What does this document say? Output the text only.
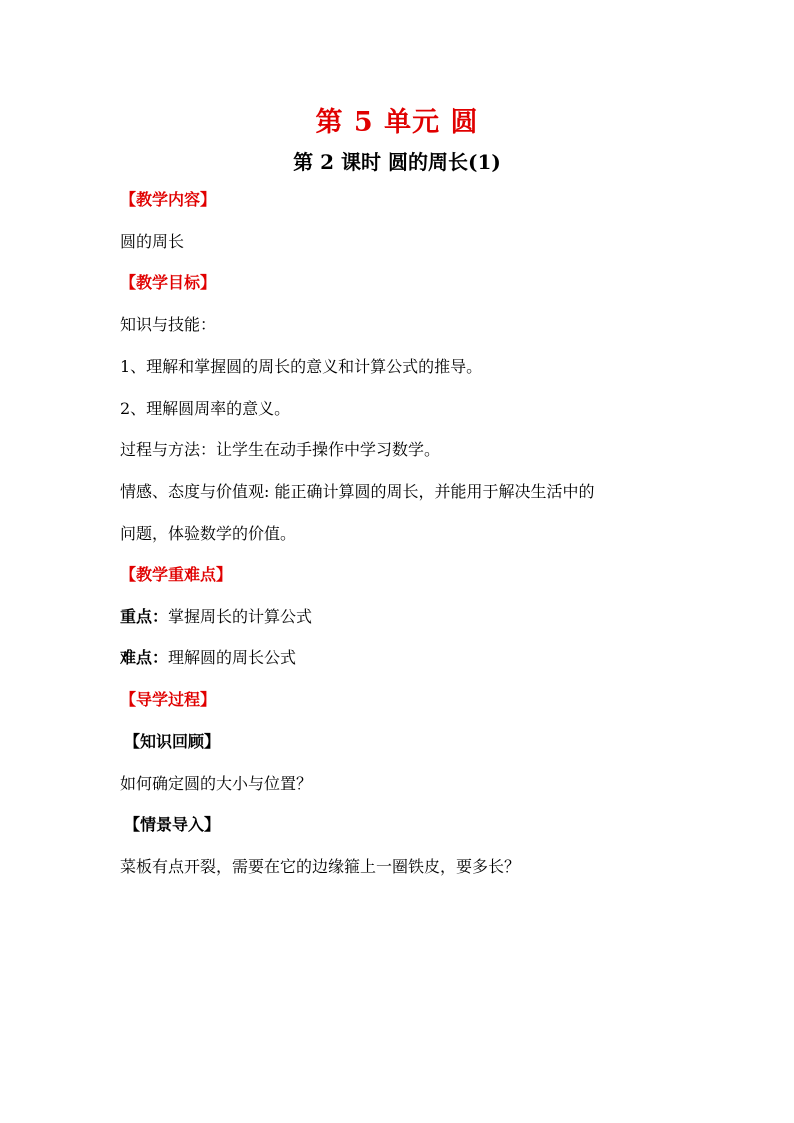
第 5 单元 圆
第 2 课时 圆的周长(1)
【教学内容】
圆的周长
【教学目标】
知识与技能：
1、理解和掌握圆的周长的意义和计算公式的推导。
2、理解圆周率的意义。
过程与方法：让学生在动手操作中学习数学。
情感、态度与价值观: 能正确计算圆的周长，并能用于解决生活中的
问题，体验数学的价值。
【教学重难点】
重点：掌握周长的计算公式
难点：理解圆的周长公式
【导学过程】
【知识回顾】
如何确定圆的大小与位置？
【情景导入】
菜板有点开裂，需要在它的边缘箍上一圈铁皮，要多长？
